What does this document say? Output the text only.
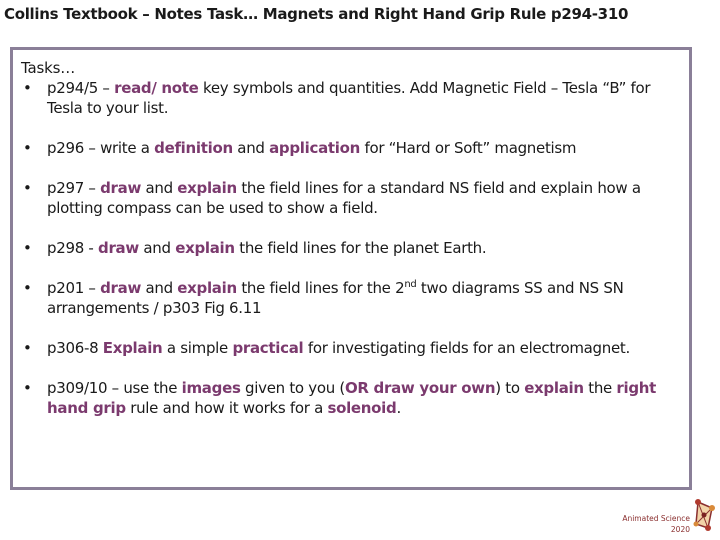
Collins Textbook – Notes Task… Magnets and Right Hand Grip Rule p294-310

Tasks…

• p294/5 – read/ note key symbols and quantities. Add Magnetic Field – Tesla “B” for Tesla to your list.
• p296 – write a definition and application for “Hard or Soft” magnetism
• p297 – draw and explain the field lines for a standard NS field and explain how a plotting compass can be used to show a field.
• p298 - draw and explain the field lines for the planet Earth.
• p201 – draw and explain the field lines for the 2nd two diagrams SS and NS SN arrangements / p303 Fig 6.11
• p306-8 Explain a simple practical for investigating fields for an electromagnet.
• p309/10 – use the images given to you (OR draw your own) to explain the right hand grip rule and how it works for a solenoid.
Animated Science
2020
